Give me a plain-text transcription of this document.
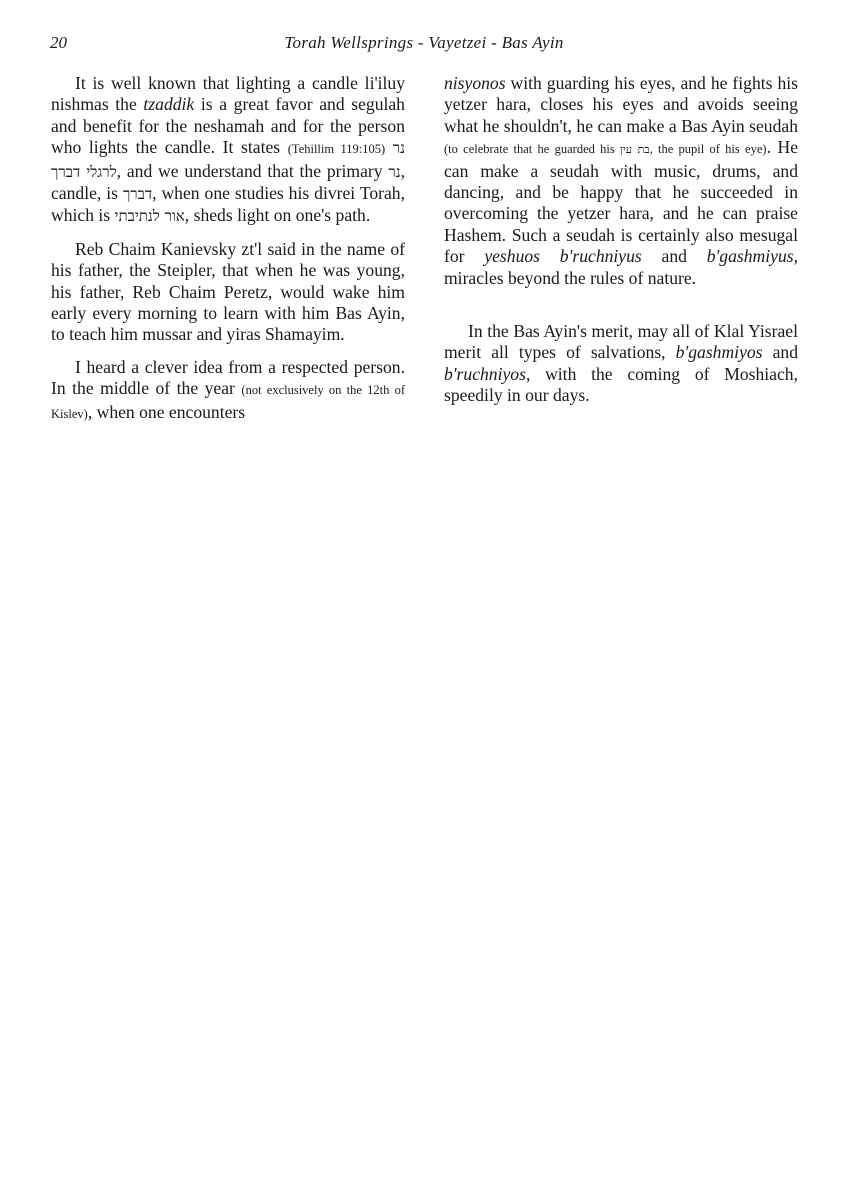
20	Torah Wellsprings - Vayetzei - Bas Ayin

It is well known that lighting a candle li'iluy nishmas the tzaddik is a great favor and segulah and benefit for the neshamah and for the person who lights the candle. It states (Tehillim 119:105) נר לרגלי דברך, and we understand that the primary נר, candle, is דברך, when one studies his divrei Torah, which is אור לנתיבתי, sheds light on one's path.

Reb Chaim Kanievsky zt'l said in the name of his father, the Steipler, that when he was young, his father, Reb Chaim Peretz, would wake him early every morning to learn with him Bas Ayin, to teach him mussar and yiras Shamayim.

I heard a clever idea from a respected person. In the middle of the year (not exclusively on the 12th of Kislev), when one encounters

nisyonos with guarding his eyes, and he fights his yetzer hara, closes his eyes and avoids seeing what he shouldn't, he can make a Bas Ayin seudah (to celebrate that he guarded his בת עין, the pupil of his eye). He can make a seudah with music, drums, and dancing, and be happy that he succeeded in overcoming the yetzer hara, and he can praise Hashem. Such a seudah is certainly also mesugal for yeshuos b'ruchniyus and b'gashmiyus, miracles beyond the rules of nature.

In the Bas Ayin's merit, may all of Klal Yisrael merit all types of salvations, b'gashmiyos and b'ruchniyos, with the coming of Moshiach, speedily in our days.
